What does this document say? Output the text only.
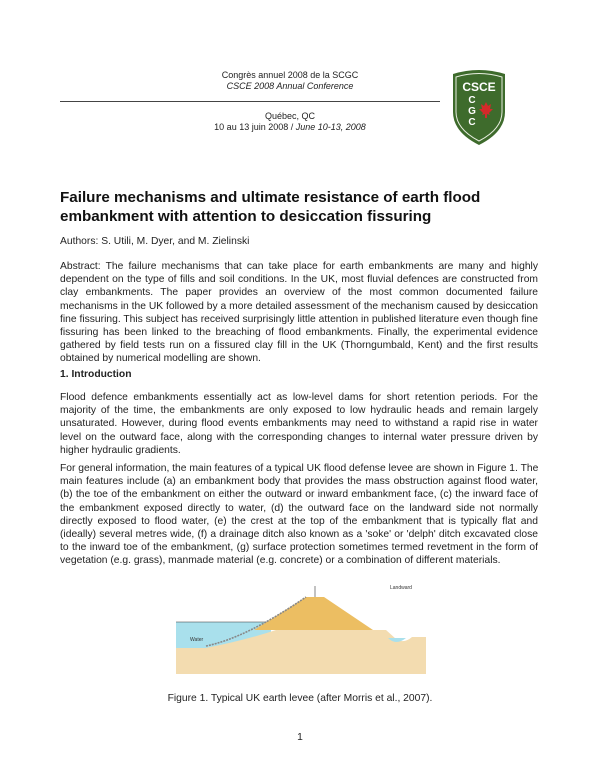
Congrès annuel 2008 de la SCGC
CSCE 2008 Annual Conference
Québec, QC
10 au 13 juin 2008 / June 10-13, 2008
CSCE
C
G
C
Failure mechanisms and ultimate resistance of earth flood
embankment with attention to desiccation fissuring
Authors: S. Utili, M. Dyer, and M. Zielinski
Abstract: The failure mechanisms that can take place for earth embankments are many and highly
dependent on the type of fills and soil conditions. In the UK, most fluvial defences are constructed from
clay embankments. The paper provides an overview of the most common documented failure
mechanisms in the UK followed by a more detailed assessment of the mechanism caused by desiccation
fine fissuring. This subject has received surprisingly little attention in published literature even though fine
fissuring has been linked to the breaching of flood embankments. Finally, the experimental evidence
gathered by field tests run on a fissured clay fill in the UK (Thorngumbald, Kent) and the first results
obtained by numerical modelling are shown.
1. Introduction
Flood defence embankments essentially act as low-level dams for short retention periods. For the
majority of the time, the embankments are only exposed to low hydraulic heads and remain largely
unsaturated. However, during flood events embankments may need to withstand a rapid rise in water
level on the outward face, along with the corresponding changes to internal water pressure driven by
higher hydraulic gradients.
For general information, the main features of a typical UK flood defense levee are shown in Figure 1. The
main features include (a) an embankment body that provides the mass obstruction against flood water,
(b) the toe of the embankment on either the outward or inward embankment face, (c) the inward face of
the embankment exposed directly to water, (d) the outward face on the landward side not normally
directly exposed to flood water, (e) the crest at the top of the embankment that is typically flat and
(ideally) several metres wide, (f) a drainage ditch also known as a 'soke' or 'delph' ditch excavated close
to the inward toe of the embankment, (g) surface protection sometimes termed revetment in the form of
vegetation (e.g. grass), manmade material (e.g. concrete) or a combination of different materials.
Water
Landward
Figure 1. Typical UK earth levee (after Morris et al., 2007).
1
